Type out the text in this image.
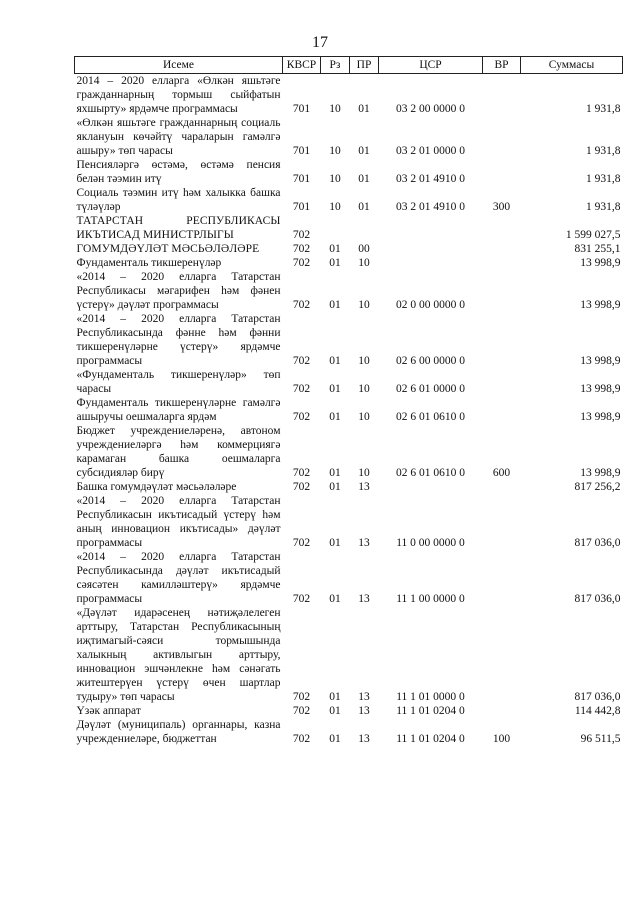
17
Исеме	КВСР	Рз	ПР	ЦСР	ВР	Суммасы
2014 – 2020 елларга «Өлкән яшьтәге гражданнарның тормыш сыйфатын яхшырту» ярдәмче программасы	701	10	01	03 2 00 0000 0		1 931,8
«Өлкән яшьтәге гражданнарның социаль яклануын көчәйтү чараларын гамәлгә ашыру» төп чарасы	701	10	01	03 2 01 0000 0		1 931,8
Пенсияләргә өстәмә, өстәмә пенсия белән тәэмин итү	701	10	01	03 2 01 4910 0		1 931,8
Социаль тәэмин итү һәм халыкка башка түләүләр	701	10	01	03 2 01 4910 0	300	1 931,8
ТАТАРСТАН РЕСПУБЛИКАСЫ ИКЪТИСАД МИНИСТРЛЫГЫ	702					1 599 027,5
ГОМУМДӘҮЛӘТ МӘСЬӘЛӘЛӘРЕ	702	01	00			831 255,1
Фундаменталь тикшеренүләр	702	01	10			13 998,9
«2014 – 2020 елларга Татарстан Республикасы мәгарифен һәм фәнен үстерү» дәүләт программасы	702	01	10	02 0 00 0000 0		13 998,9
«2014 – 2020 елларга Татарстан Республикасында фәнне һәм фәнни тикшеренүләрне үстерү» ярдәмче программасы	702	01	10	02 6 00 0000 0		13 998,9
«Фундаменталь тикшеренүләр» төп чарасы	702	01	10	02 6 01 0000 0		13 998,9
Фундаменталь тикшеренүләрне гамәлгә ашыручы оешмаларга ярдәм	702	01	10	02 6 01 0610 0		13 998,9
Бюджет учреждениеләренә, автоном учреждениеләргә һәм коммерциягә карамаган башка оешмаларга субсидияләр бирү	702	01	10	02 6 01 0610 0	600	13 998,9
Башка гомумдәүләт мәсьәләләре	702	01	13			817 256,2
«2014 – 2020 елларга Татарстан Республикасын икътисадый үстерү һәм аның инновацион икътисады» дәүләт программасы	702	01	13	11 0 00 0000 0		817 036,0
«2014 – 2020 елларга Татарстан Республикасында дәүләт икътисадый сәясәтен камилләштерү» ярдәмче программасы	702	01	13	11 1 00 0000 0		817 036,0
«Дәүләт идарәсенең нәтиҗәлелеген арттыру, Татарстан Республикасының иҗтимагый-сәяси тормышында халыкның активлыгын арттыру, инновацион эшчәнлекне һәм сәнәгать житештерүен үстерү өчен шартлар тудыру» төп чарасы	702	01	13	11 1 01 0000 0		817 036,0
Үзәк аппарат	702	01	13	11 1 01 0204 0		114 442,8
Дәүләт (муниципаль) органнары, казна учреждениеләре, бюджеттан	702	01	13	11 1 01 0204 0	100	96 511,5
